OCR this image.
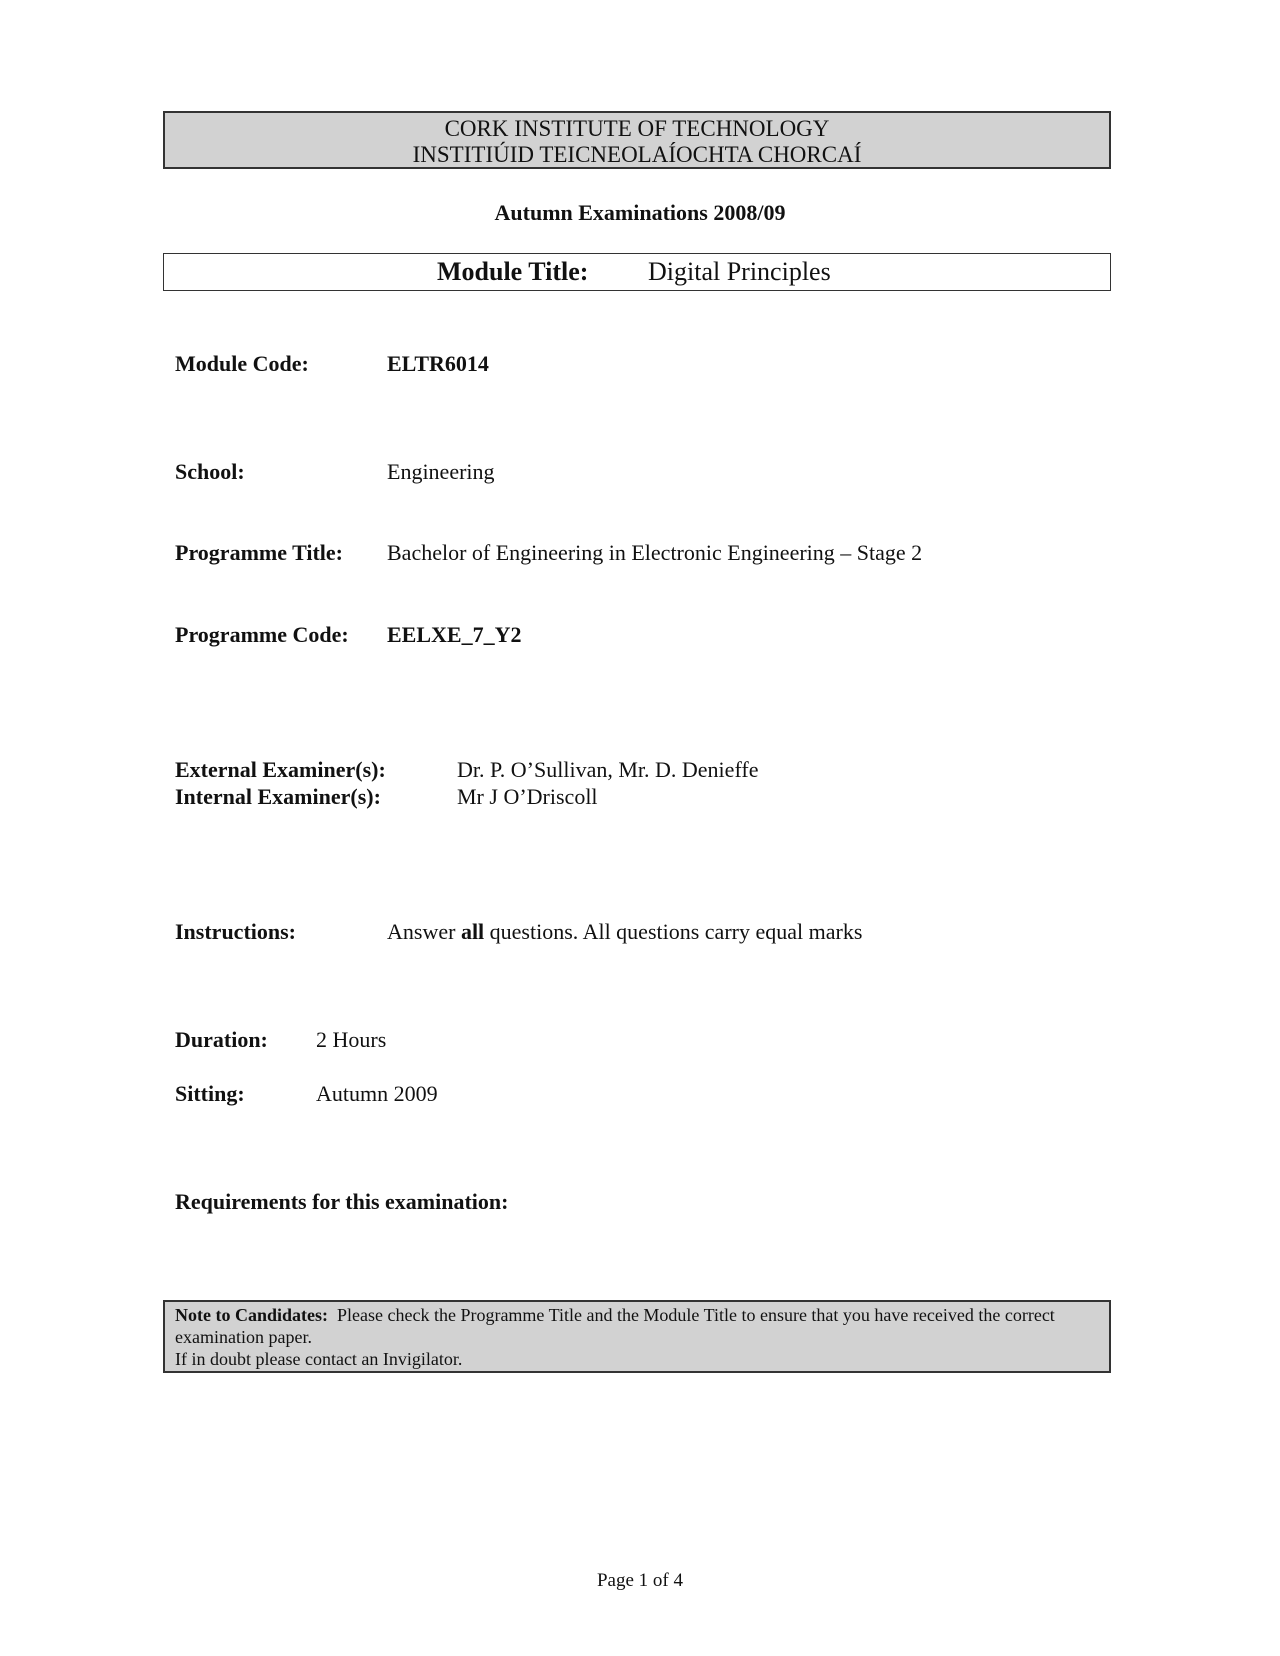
CORK INSTITUTE OF TECHNOLOGY
INSTITIÚID TEICNEOLAÍOCHTA CHORCAÍ
Autumn Examinations 2008/09
Module Title: Digital Principles
Module Code:	ELTR6014
School:	Engineering
Programme Title: Bachelor of Engineering in Electronic Engineering – Stage 2
Programme Code: EELXE_7_Y2
External Examiner(s):	Dr. P. O’Sullivan, Mr. D. Denieffe
Internal Examiner(s):	Mr J O’Driscoll
Instructions:	Answer all questions. All questions carry equal marks
Duration: 2 Hours
Sitting:	Autumn 2009
Requirements for this examination:
Note to Candidates: Please check the Programme Title and the Module Title to ensure that you have received the correct examination paper.
If in doubt please contact an Invigilator.
Page 1 of 4
